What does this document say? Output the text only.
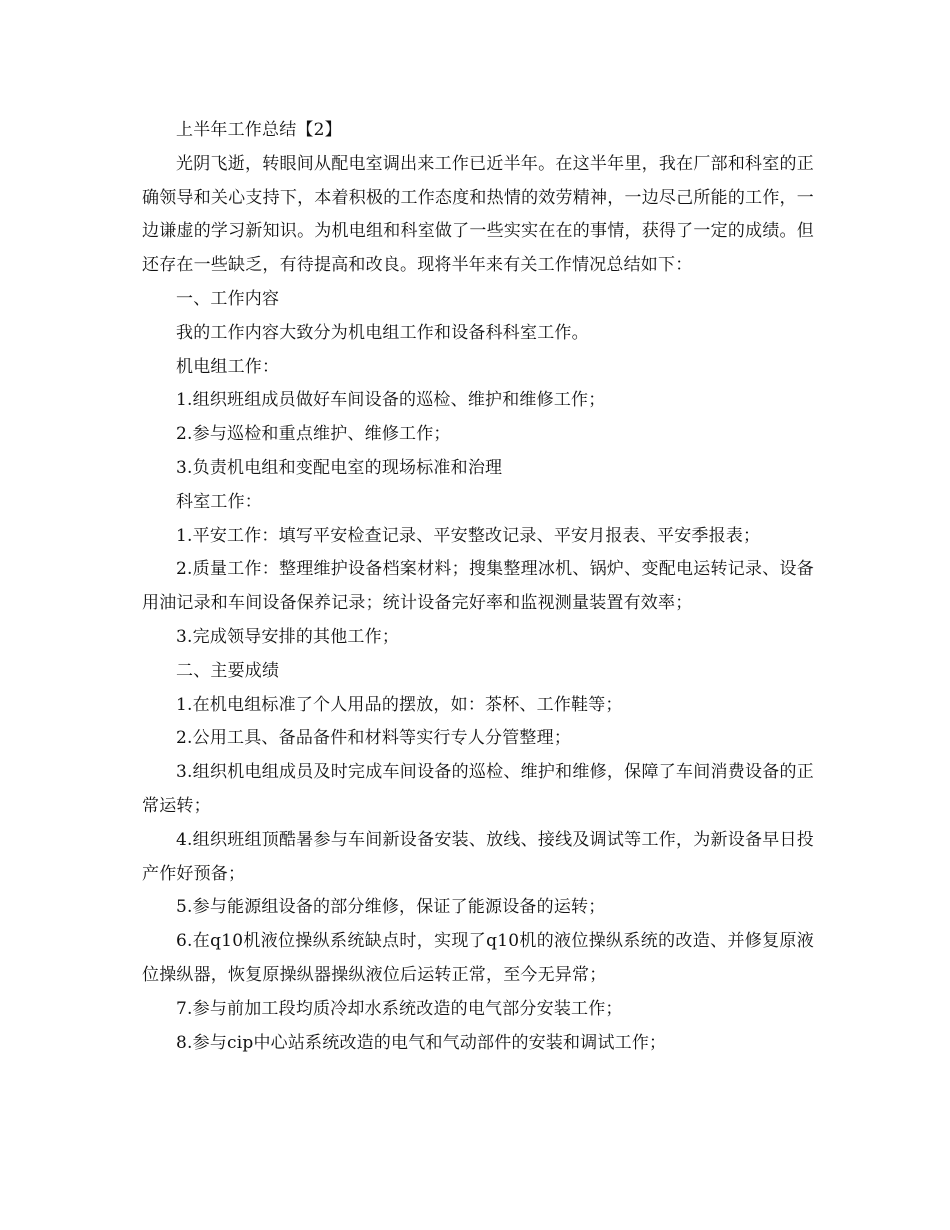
上半年工作总结【2】

光阴飞逝，转眼间从配电室调出来工作已近半年。在这半年里，我在厂部和科室的正确领导和关心支持下，本着积极的工作态度和热情的效劳精神，一边尽己所能的工作，一边谦虚的学习新知识。为机电组和科室做了一些实实在在的事情，获得了一定的成绩。但还存在一些缺乏，有待提高和改良。现将半年来有关工作情况总结如下：

一、工作内容

我的工作内容大致分为机电组工作和设备科科室工作。

机电组工作：

1.组织班组成员做好车间设备的巡检、维护和维修工作；

2.参与巡检和重点维护、维修工作；

3.负责机电组和变配电室的现场标准和治理

科室工作：

1.平安工作：填写平安检查记录、平安整改记录、平安月报表、平安季报表；

2.质量工作：整理维护设备档案材料；搜集整理冰机、锅炉、变配电运转记录、设备用油记录和车间设备保养记录；统计设备完好率和监视测量装置有效率；

3.完成领导安排的其他工作；

二、主要成绩

1.在机电组标准了个人用品的摆放，如：茶杯、工作鞋等；

2.公用工具、备品备件和材料等实行专人分管整理；

3.组织机电组成员及时完成车间设备的巡检、维护和维修，保障了车间消费设备的正常运转；

4.组织班组顶酷暑参与车间新设备安装、放线、接线及调试等工作，为新设备早日投产作好预备；

5.参与能源组设备的部分维修，保证了能源设备的运转；

6.在q10机液位操纵系统缺点时，实现了q10机的液位操纵系统的改造、并修复原液位操纵器，恢复原操纵器操纵液位后运转正常，至今无异常；

7.参与前加工段均质冷却水系统改造的电气部分安装工作；

8.参与cip中心站系统改造的电气和气动部件的安装和调试工作；
